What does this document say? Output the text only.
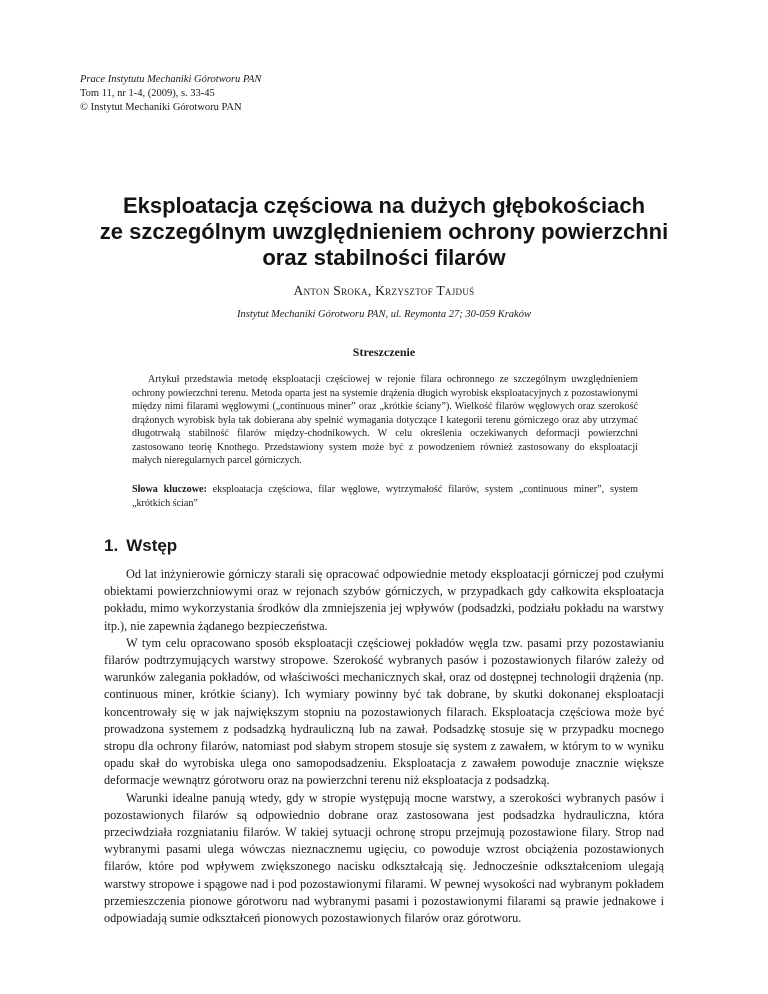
Prace Instytutu Mechaniki Górotworu PAN
Tom 11, nr 1-4, (2009), s. 33-45
© Instytut Mechaniki Górotworu PAN
Eksploatacja częściowa na dużych głębokościach
ze szczególnym uwzględnieniem ochrony powierzchni
oraz stabilności filarów
Anton Sroka, Krzysztof Tajduś
Instytut Mechaniki Górotworu PAN, ul. Reymonta 27; 30-059 Kraków
Streszczenie
Artykuł przedstawia metodę eksploatacji częściowej w rejonie filara ochronnego ze szczególnym uwzględnieniem ochrony powierzchni terenu. Metoda oparta jest na systemie drążenia długich wyrobisk eksploatacyjnych z pozostawionymi między nimi filarami węglowymi („continuous miner” oraz „krótkie ściany”). Wielkość filarów węglowych oraz szerokość drążonych wyrobisk była tak dobierana aby spełnić wymagania dotyczące I kategorii terenu górniczego oraz aby utrzymać długotrwałą stabilność filarów między-chodnikowych. W celu określenia oczekiwanych deformacji powierzchni zastosowano teorię Knothego. Przedstawiony system może być z powodzeniem również zastosowany do eksploatacji małych nieregularnych parcel górniczych.
Słowa kluczowe: eksploatacja częściowa, filar węglowe, wytrzymałość filarów, system „continuous miner”, system „krótkich ścian”
1. Wstęp

Od lat inżynierowie górniczy starali się opracować odpowiednie metody eksploatacji górniczej pod czułymi obiektami powierzchniowymi oraz w rejonach szybów górniczych, w przypadkach gdy całkowita eksploatacja pokładu, mimo wykorzystania środków dla zmniejszenia jej wpływów (podsadzki, podziału pokładu na warstwy itp.), nie zapewnia żądanego bezpieczeństwa.

W tym celu opracowano sposób eksploatacji częściowej pokładów węgla tzw. pasami przy pozostawianiu filarów podtrzymujących warstwy stropowe. Szerokość wybranych pasów i pozostawionych filarów zależy od warunków zalegania pokładów, od właściwości mechanicznych skał, oraz od dostępnej technologii drążenia (np. continuous miner, krótkie ściany). Ich wymiary powinny być tak dobrane, by skutki dokonanej eksploatacji koncentrowały się w jak największym stopniu na pozostawionych filarach. Eksploatacja częściowa może być prowadzona systemem z podsadzką hydrauliczną lub na zawał. Podsadzkę stosuje się w przypadku mocnego stropu dla ochrony filarów, natomiast pod słabym stropem stosuje się system z zawałem, w którym to w wyniku opadu skał do wyrobiska ulega ono samopodsadzeniu. Eksploatacja z zawałem powoduje znacznie większe deformacje wewnątrz górotworu oraz na powierzchni terenu niż eksploatacja z podsadzką.

Warunki idealne panują wtedy, gdy w stropie występują mocne warstwy, a szerokości wybranych pasów i pozostawionych filarów są odpowiednio dobrane oraz zastosowana jest podsadzka hydrauliczna, która przeciwdziała rozgniataniu filarów. W takiej sytuacji ochronę stropu przejmują pozostawione filary. Strop nad wybranymi pasami ulega wówczas nieznacznemu ugięciu, co powoduje wzrost obciążenia pozostawionych filarów, które pod wpływem zwiększonego nacisku odkształcają się. Jednocześnie odkształceniom ulegają warstwy stropowe i spągowe nad i pod pozostawionymi filarami. W pewnej wysokości nad wybranym pokładem przemieszczenia pionowe górotworu nad wybranymi pasami i pozostawionymi filarami są prawie jednakowe i odpowiadają sumie odkształceń pionowych pozostawionych filarów oraz górotworu.
